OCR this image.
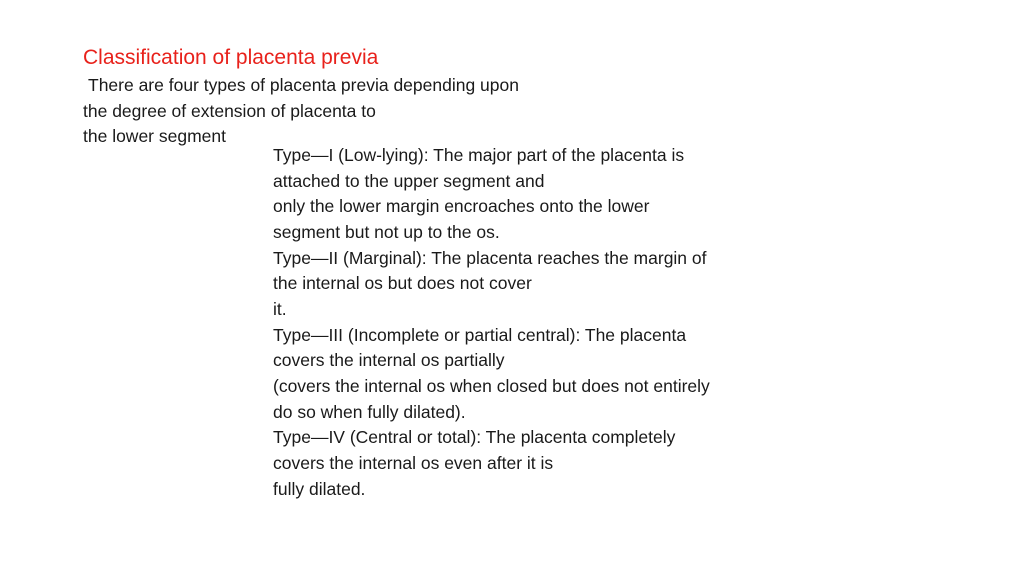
Classification of placenta previa
There are four types of placenta previa depending upon
the degree of extension of placenta to
the lower segment
Type—I (Low-lying): The major part of the placenta is
attached to the upper segment and
only the lower margin encroaches onto the lower
segment but not up to the os.
Type—II (Marginal): The placenta reaches the margin of
the internal os but does not cover
it.
Type—III (Incomplete or partial central): The placenta
covers the internal os partially
(covers the internal os when closed but does not entirely
do so when fully dilated).
Type—IV (Central or total): The placenta completely
covers the internal os even after it is
fully dilated.
